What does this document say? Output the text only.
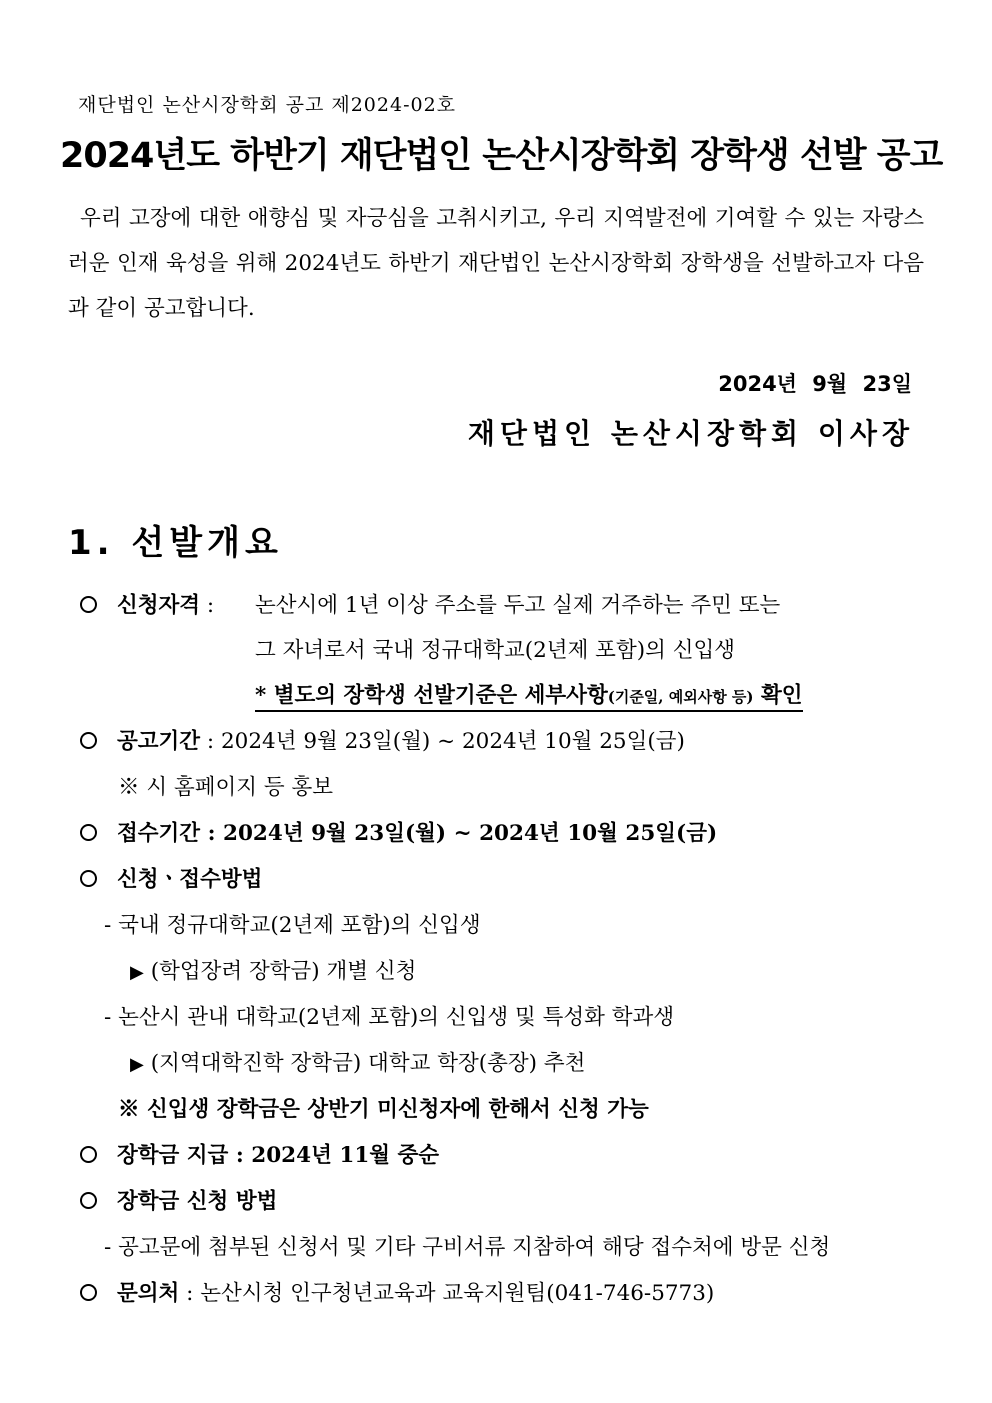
재단법인 논산시장학회 공고 제2024-02호
2024년도 하반기 재단법인 논산시장학회 장학생 선발 공고
우리 고장에 대한 애향심 및 자긍심을 고취시키고, 우리 지역발전에 기여할 수 있는 자랑스러운 인재 육성을 위해 2024년도 하반기 재단법인 논산시장학회 장학생을 선발하고자 다음과 같이 공고합니다.
2024년 9월 23일
재단법인 논산시장학회 이사장
1. 선발개요
신청자격 :	논산시에 1년 이상 주소를 두고 실제 거주하는 주민 또는
그 자녀로서 국내 정규대학교(2년제 포함)의 신입생
* 별도의 장학생 선발기준은 세부사항(기준일, 예외사항 등) 확인
공고기간 : 2024년 9월 23일(월) ~ 2024년 10월 25일(금)
※ 시 홈페이지 등 홍보
접수기간 : 2024년 9월 23일(월) ~ 2024년 10월 25일(금)
신청ㆍ접수방법
- 국내 정규대학교(2년제 포함)의 신입생
▶ (학업장려 장학금) 개별 신청
- 논산시 관내 대학교(2년제 포함)의 신입생 및 특성화 학과생
▶ (지역대학진학 장학금) 대학교 학장(총장) 추천
※ 신입생 장학금은 상반기 미신청자에 한해서 신청 가능
장학금 지급 : 2024년 11월 중순
장학금 신청 방법
- 공고문에 첨부된 신청서 및 기타 구비서류 지참하여 해당 접수처에 방문 신청
문의처 : 논산시청 인구청년교육과 교육지원팀(041-746-5773)
